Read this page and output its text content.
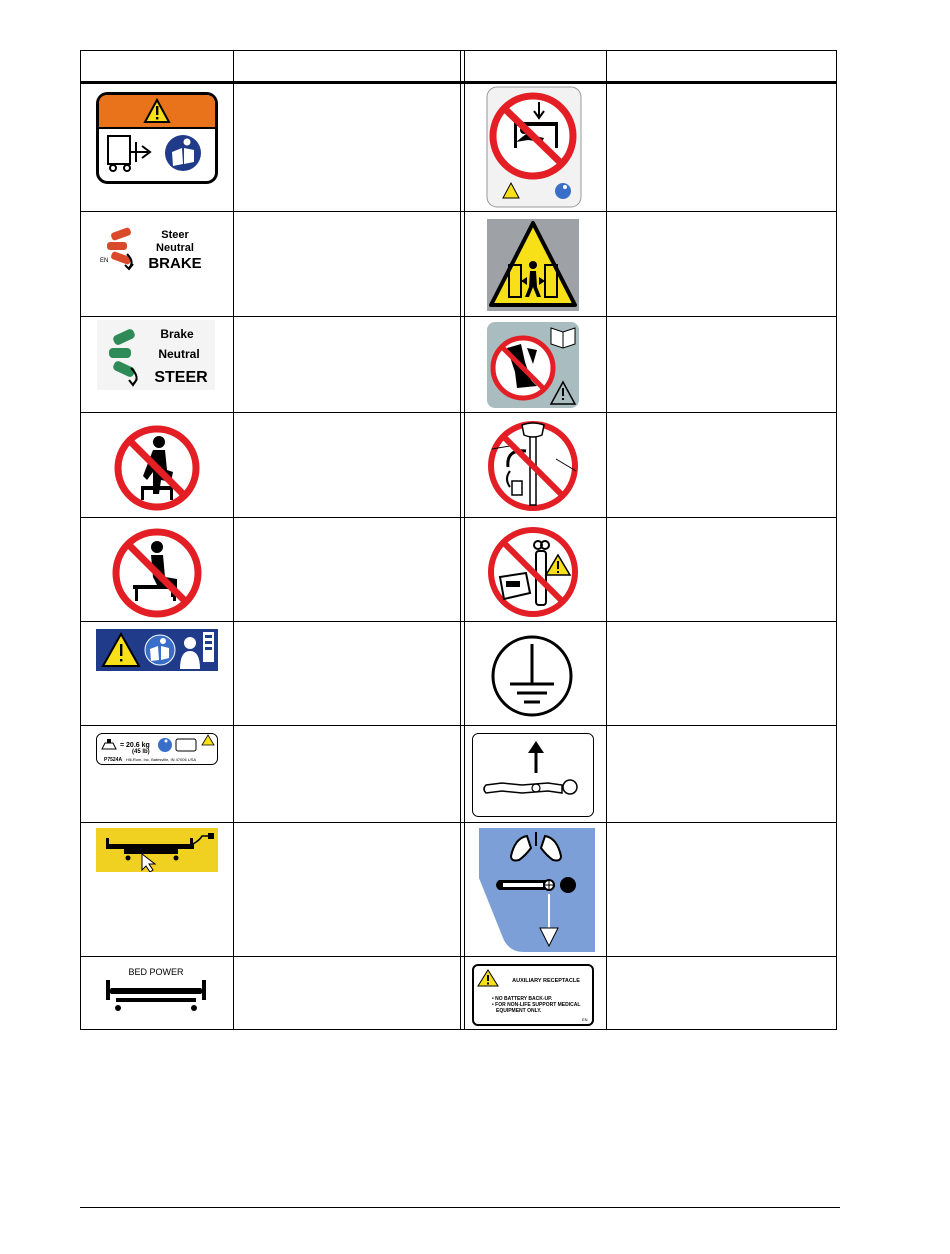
EN
Steer
Neutral
BRAKE
Brake
Neutral
STEER
= 20.6 kg
(45 lb)
P7524A Hill-Rom, Inc. Batesville, IN 47006 USA
BED POWER
AUXILIARY RECEPTACLE
• NO BATTERY BACK-UP.
• FOR NON-LIFE SUPPORT MEDICAL
EQUIPMENT ONLY.
EN
